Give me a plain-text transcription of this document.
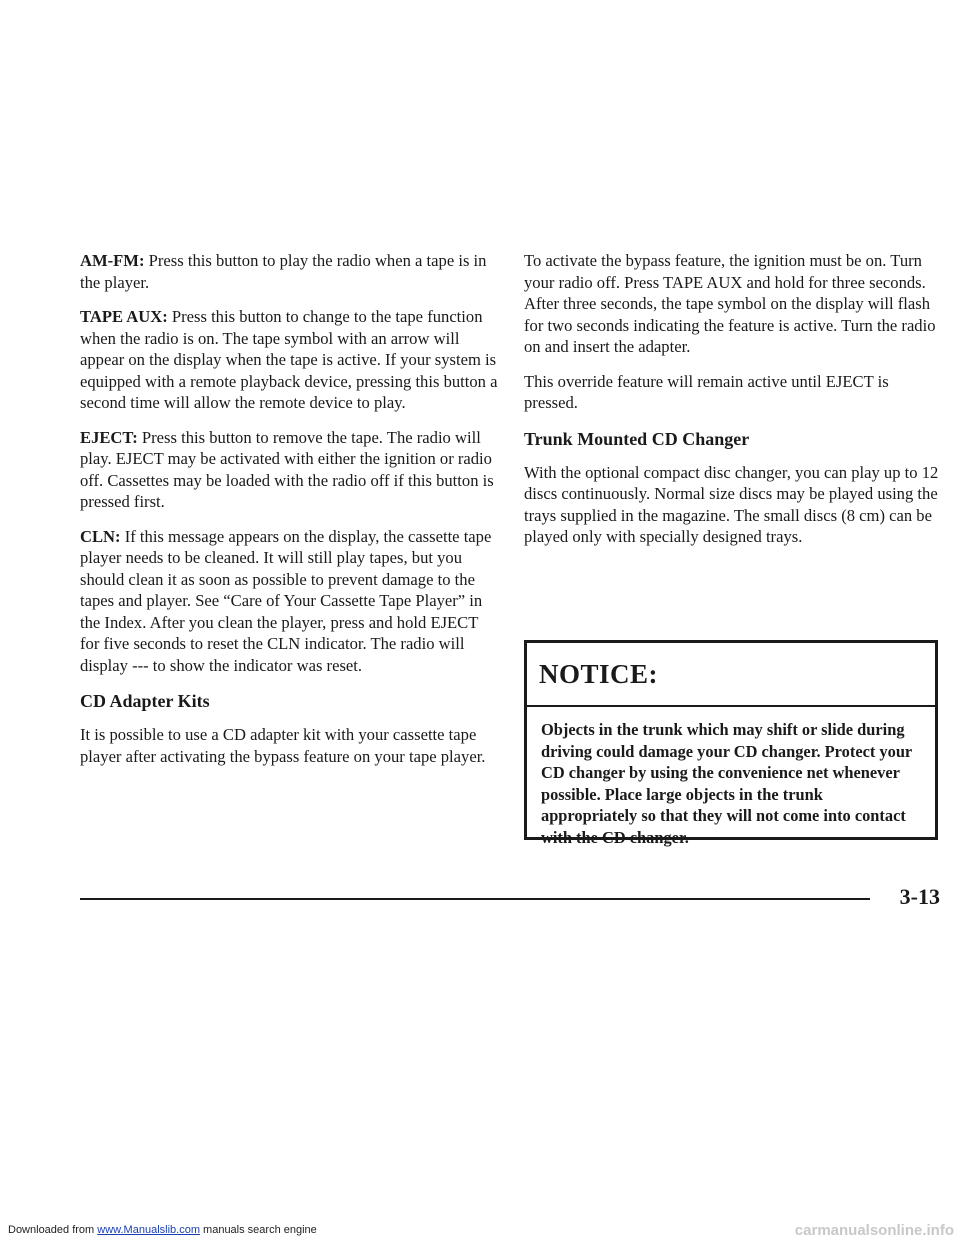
AM-FM: Press this button to play the radio when a tape is in the player.

TAPE AUX: Press this button to change to the tape function when the radio is on. The tape symbol with an arrow will appear on the display when the tape is active. If your system is equipped with a remote playback device, pressing this button a second time will allow the remote device to play.

EJECT: Press this button to remove the tape. The radio will play. EJECT may be activated with either the ignition or radio off. Cassettes may be loaded with the radio off if this button is pressed first.

CLN: If this message appears on the display, the cassette tape player needs to be cleaned. It will still play tapes, but you should clean it as soon as possible to prevent damage to the tapes and player. See “Care of Your Cassette Tape Player” in the Index. After you clean the player, press and hold EJECT for five seconds to reset the CLN indicator. The radio will display --- to show the indicator was reset.

CD Adapter Kits

It is possible to use a CD adapter kit with your cassette tape player after activating the bypass feature on your tape player.

To activate the bypass feature, the ignition must be on. Turn your radio off. Press TAPE AUX and hold for three seconds. After three seconds, the tape symbol on the display will flash for two seconds indicating the feature is active. Turn the radio on and insert the adapter.

This override feature will remain active until EJECT is pressed.

Trunk Mounted CD Changer

With the optional compact disc changer, you can play up to 12 discs continuously. Normal size discs may be played using the trays supplied in the magazine. The small discs (8 cm) can be played only with specially designed trays.

NOTICE:
Objects in the trunk which may shift or slide during driving could damage your CD changer. Protect your CD changer by using the convenience net whenever possible. Place large objects in the trunk appropriately so that they will not come into contact with the CD changer.
3-13
Downloaded from www.Manualslib.com manuals search engine	carmanualsonline.info
